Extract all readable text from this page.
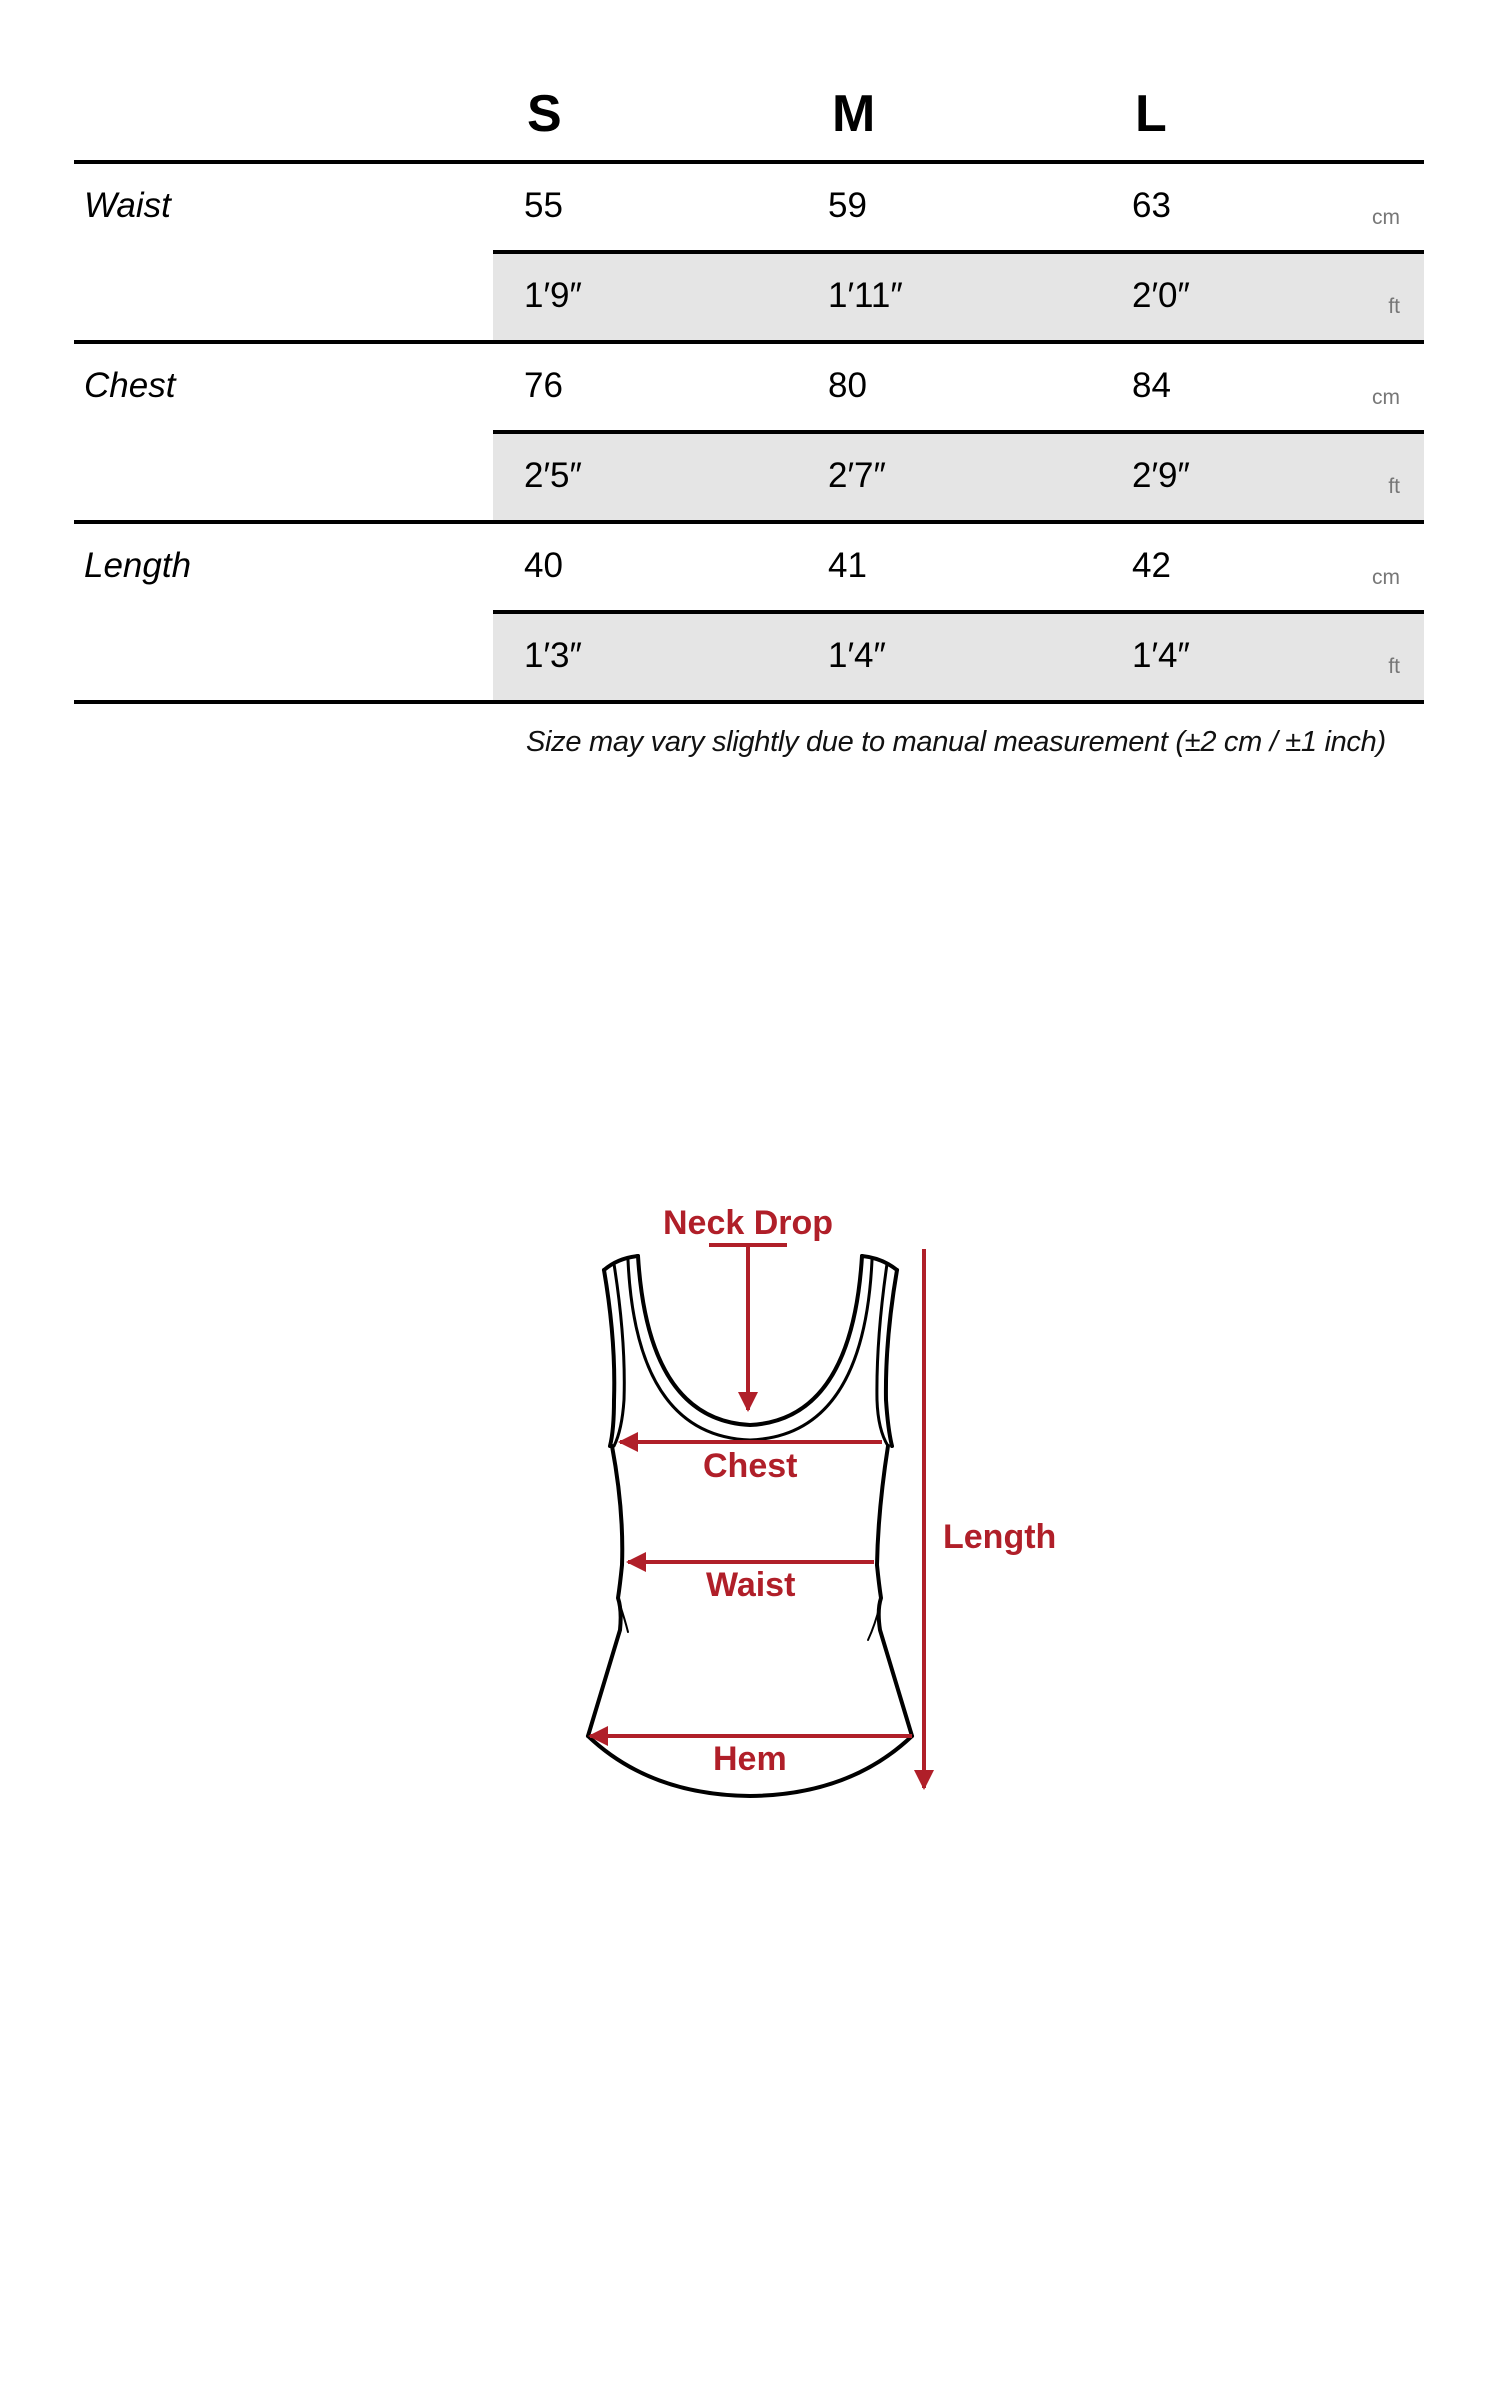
S	M	L
Waist	55	59	63	cm
1′9″	1′11″	2′0″	ft
Chest	76	80	84	cm
2′5″	2′7″	2′9″	ft
Length	40	41	42	cm
1′3″	1′4″	1′4″	ft
Size may vary slightly due to manual measurement (±2 cm / ±1 inch)
Neck Drop
Chest
Waist
Hem
Length
